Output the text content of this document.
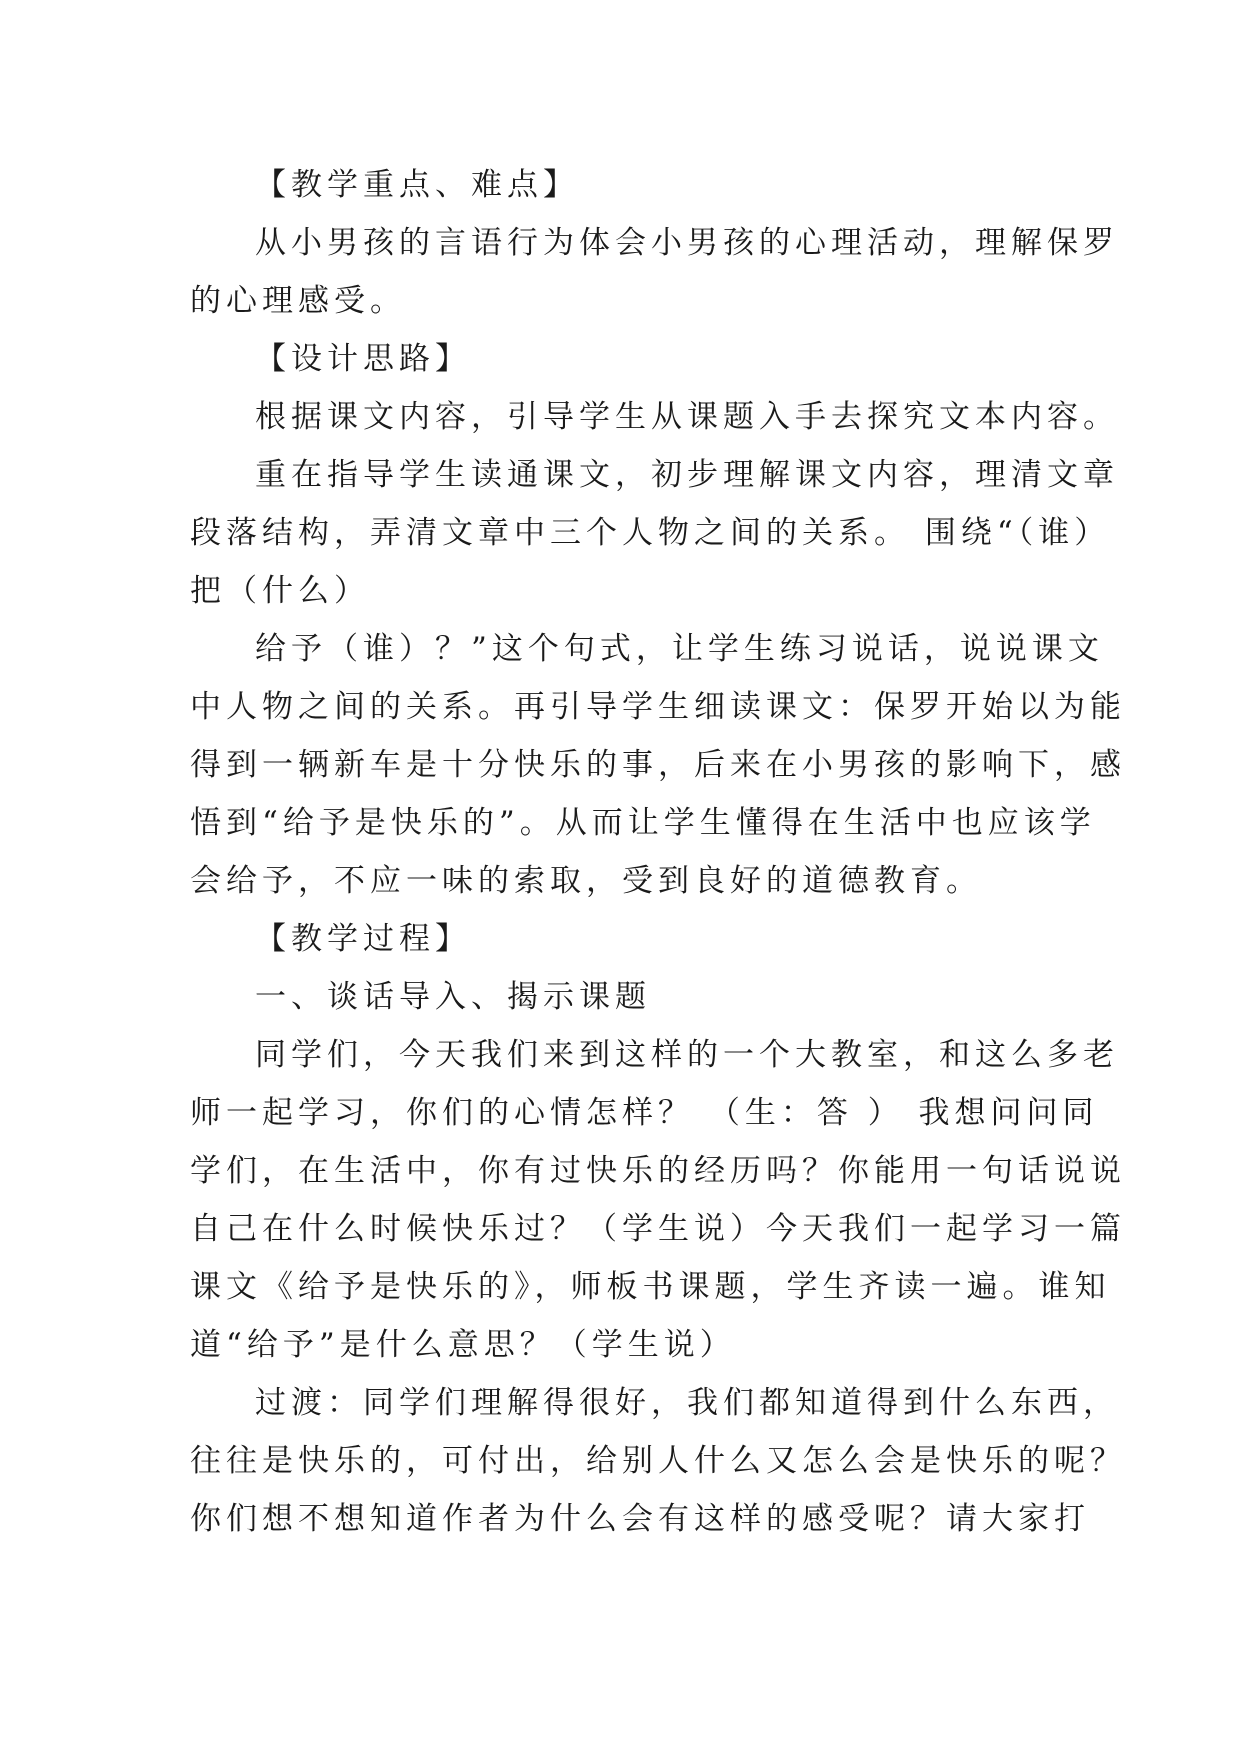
【教学重点、难点】
从小男孩的言语行为体会小男孩的心理活动，理解保罗
的心理感受。
【设计思路】
根据课文内容，引导学生从课题入手去探究文本内容。
重在指导学生读通课文，初步理解课文内容，理清文章
段落结构，弄清文章中三个人物之间的关系。 围绕“（谁）
把（什么）
给予（谁）？”这个句式，让学生练习说话，说说课文
中人物之间的关系。再引导学生细读课文：保罗开始以为能
得到一辆新车是十分快乐的事，后来在小男孩的影响下，感
悟到“给予是快乐的”。从而让学生懂得在生活中也应该学
会给予，不应一味的索取，受到良好的道德教育。
【教学过程】
一、谈话导入、揭示课题
同学们，今天我们来到这样的一个大教室，和这么多老
师一起学习，你们的心情怎样？ （生：答 ） 我想问问同
学们，在生活中，你有过快乐的经历吗？你能用一句话说说
自己在什么时候快乐过？（学生说）今天我们一起学习一篇
课文《给予是快乐的》，师板书课题，学生齐读一遍。谁知
道“给予”是什么意思？（学生说）
过渡：同学们理解得很好，我们都知道得到什么东西，
往往是快乐的，可付出，给别人什么又怎么会是快乐的呢？
你们想不想知道作者为什么会有这样的感受呢？请大家打
